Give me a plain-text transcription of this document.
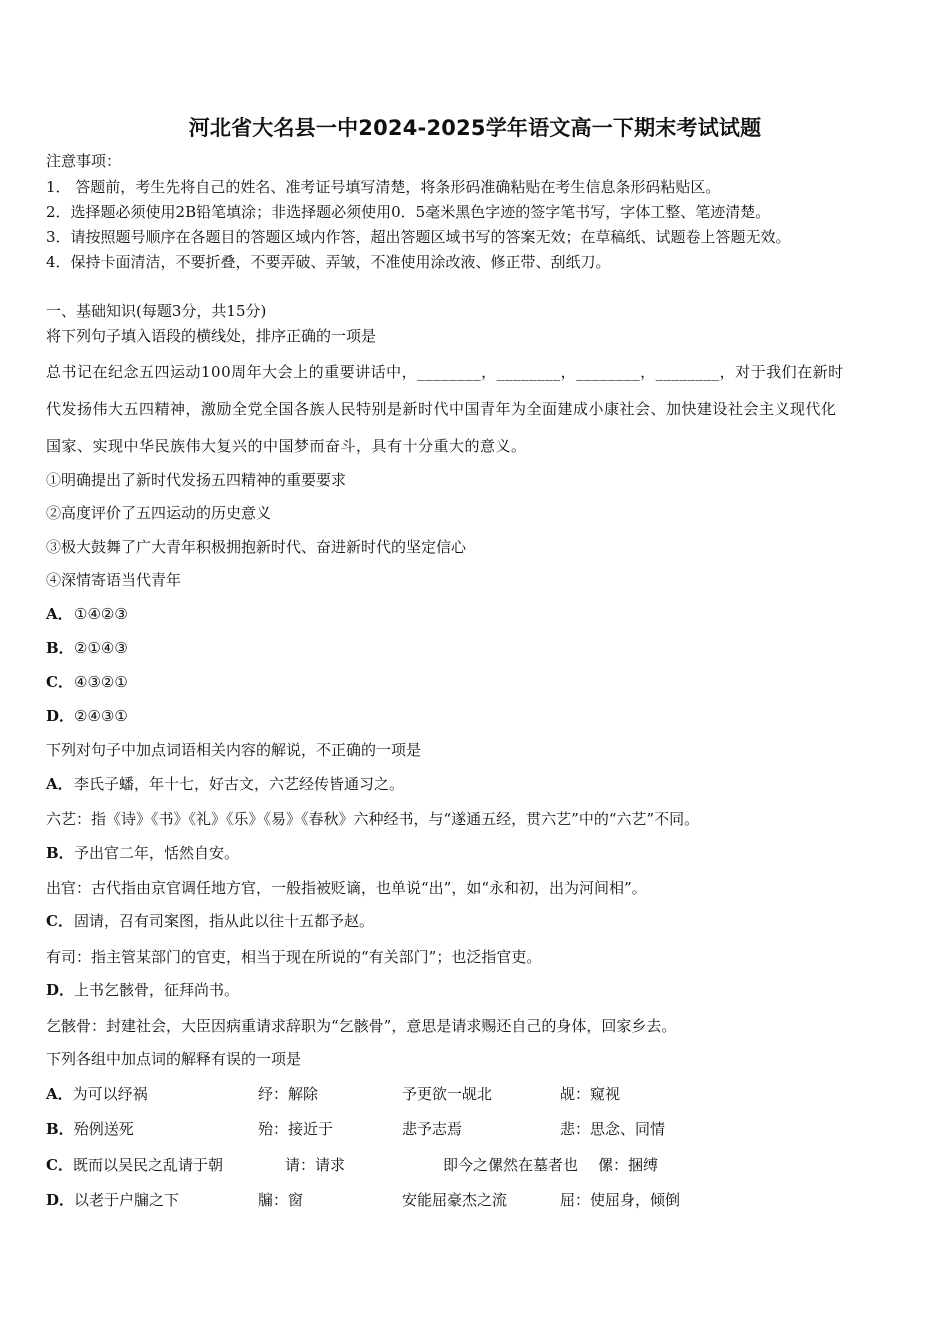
河北省大名县一中2024-2025学年语文高一下期末考试试题
注意事项：
1． 答题前，考生先将自己的姓名、准考证号填写清楚，将条形码准确粘贴在考生信息条形码粘贴区。
2．选择题必须使用2B铅笔填涂；非选择题必须使用0．5毫米黑色字迹的签字笔书写，字体工整、笔迹清楚。
3．请按照题号顺序在各题目的答题区域内作答，超出答题区域书写的答案无效；在草稿纸、试题卷上答题无效。
4．保持卡面清洁，不要折叠，不要弄破、弄皱，不准使用涂改液、修正带、刮纸刀。
一、基础知识(每题3分，共15分)
将下列句子填入语段的横线处，排序正确的一项是
总书记在纪念五四运动100周年大会上的重要讲话中，________，________，________，________，对于我们在新时
代发扬伟大五四精神，激励全党全国各族人民特别是新时代中国青年为全面建成小康社会、加快建设社会主义现代化
国家、实现中华民族伟大复兴的中国梦而奋斗，具有十分重大的意义。
①明确提出了新时代发扬五四精神的重要要求
②高度评价了五四运动的历史意义
③极大鼓舞了广大青年积极拥抱新时代、奋进新时代的坚定信心
④深情寄语当代青年
A．①④②③
B．②①④③
C．④③②①
D．②④③①
下列对句子中加点词语相关内容的解说，不正确的一项是
A．李氏子蟠，年十七，好古文，六艺经传皆通习之。
六艺：指《诗》《书》《礼》《乐》《易》《春秋》六种经书，与“遂通五经，贯六艺”中的“六艺”不同。
B．予出官二年，恬然自安。
出官：古代指由京官调任地方官，一般指被贬谪，也单说“出”，如“永和初，出为河间相”。
C．固请，召有司案图，指从此以往十五都予赵。
有司：指主管某部门的官吏，相当于现在所说的“有关部门”；也泛指官吏。
D．上书乞骸骨，征拜尚书。
乞骸骨：封建社会，大臣因病重请求辞职为“乞骸骨”，意思是请求赐还自己的身体，回家乡去。
下列各组中加点词的解释有误的一项是
A．为可以纾祸	纾：解除	予更欲一觇北	觇：窥视
B．殆例送死	殆：接近于	悲予志焉	悲：思念、同情
C．既而以吴民之乱请于朝	请：请求	即今之傫然在墓者也 傫：捆缚
D．以老于户牖之下	牖：窗	安能屈豪杰之流	屈：使屈身，倾倒
